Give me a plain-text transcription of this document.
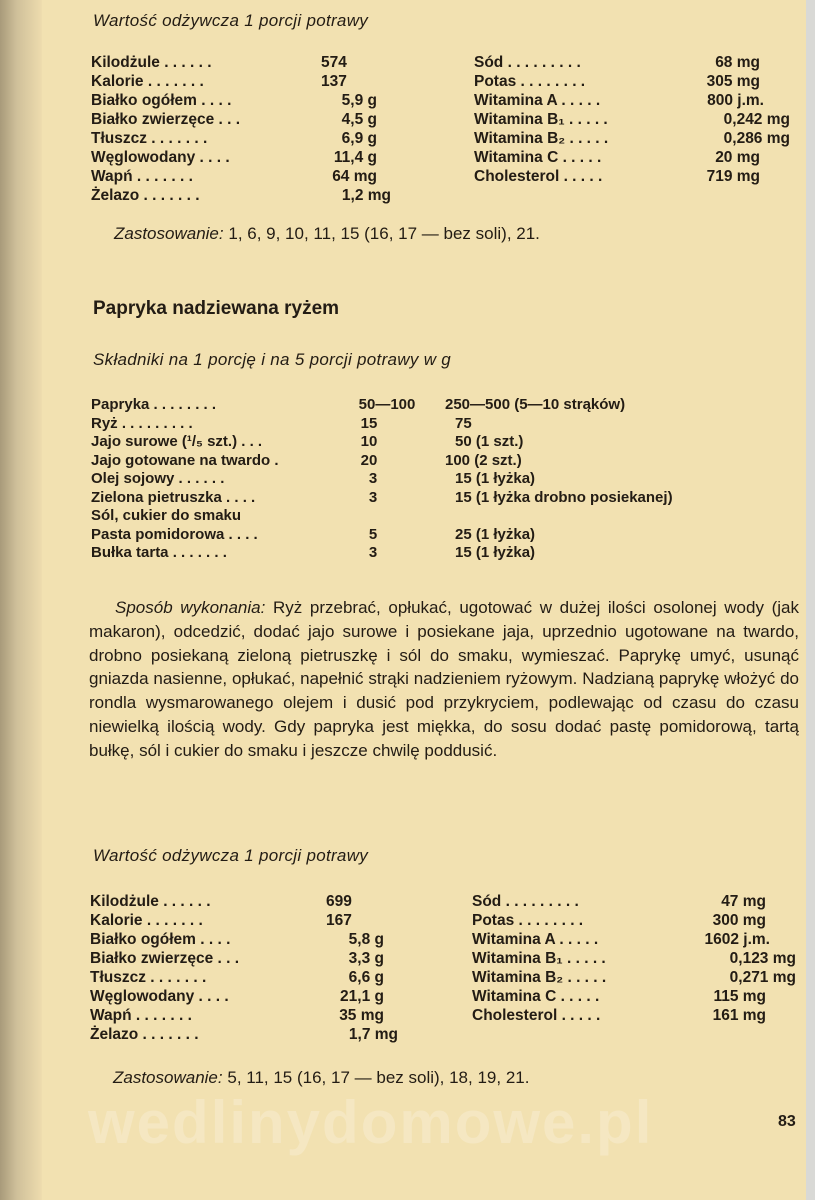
Wartość odżywcza 1 porcji potrawy
Kilodżule . . . . . .	574
Kalorie . . . . . . .	137
Białko ogółem . . . .	5,9 g
Białko zwierzęce . . .	4,5 g
Tłuszcz . . . . . . .	6,9 g
Węglowodany . . . .	11,4 g
Wapń . . . . . . .	64 mg
Żelazo . . . . . . .	1,2 mg
Sód . . . . . . . . .	68 mg
Potas . . . . . . . .	305 mg
Witamina A . . . . .	800 j.m.
Witamina B₁ . . . . .	0,242 mg
Witamina B₂ . . . . .	0,286 mg
Witamina C . . . . .	20 mg
Cholesterol . . . . .	719 mg
Zastosowanie: 1, 6, 9, 10, 11, 15 (16, 17 — bez soli), 21.
Papryka nadziewana ryżem
Składniki na 1 porcję i na 5 porcji potrawy w g
Papryka . . . . . . . .	50—100 250—500 (5—10 strąków)
Ryż . . . . . . . . .	15	75
Jajo surowe (¹/₅ szt.) . . .	10	50 (1 szt.)
Jajo gotowane na twardo .	20	100 (2 szt.)
Olej sojowy . . . . . .	3	15 (1 łyżka)
Zielona pietruszka . . . .	3	15 (1 łyżka drobno posiekanej)
Sól, cukier do smaku
Pasta pomidorowa . . . .	5	25 (1 łyżka)
Bułka tarta . . . . . . .	3	15 (1 łyżka)
Sposób wykonania: Ryż przebrać, opłukać, ugotować w dużej ilości osolonej wody (jak makaron), odcedzić, dodać jajo surowe i posiekane jaja, uprzednio ugotowane na twardo, drobno posiekaną zieloną pietruszkę i sól do smaku, wymieszać. Paprykę umyć, usunąć gniazda nasienne, opłukać, napełnić strąki nadzieniem ryżowym. Nadzianą paprykę włożyć do rondla wysmarowanego olejem i dusić pod przykryciem, podlewając od czasu do czasu niewielką ilością wody. Gdy papryka jest miękka, do sosu dodać pastę pomidorową, tartą bułkę, sól i cukier do smaku i jeszcze chwilę poddusić.
Wartość odżywcza 1 porcji potrawy
Kilodżule . . . . . .	699
Kalorie . . . . . . .	167
Białko ogółem . . . .	5,8 g
Białko zwierzęce . . .	3,3 g
Tłuszcz . . . . . . .	6,6 g
Węglowodany . . . .	21,1 g
Wapń . . . . . . .	35 mg
Żelazo . . . . . . .	1,7 mg
Sód . . . . . . . . .	47 mg
Potas . . . . . . . .	300 mg
Witamina A . . . . .	1602 j.m.
Witamina B₁ . . . . .	0,123 mg
Witamina B₂ . . . . .	0,271 mg
Witamina C . . . . .	115 mg
Cholesterol . . . . .	161 mg
Zastosowanie: 5, 11, 15 (16, 17 — bez soli), 18, 19, 21.
wedlinydomowe.pl	83
